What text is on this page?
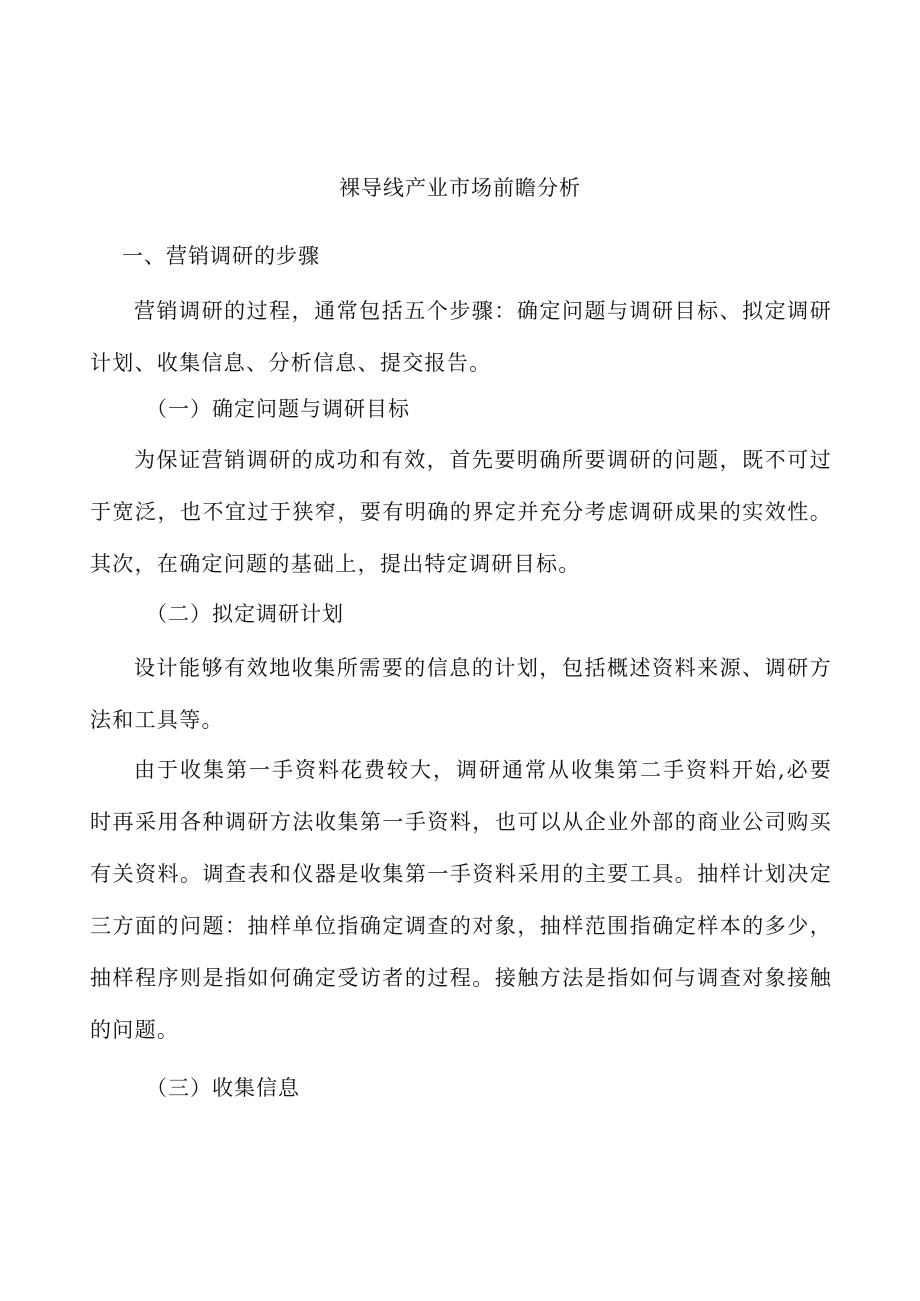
裸导线产业市场前瞻分析
一、营销调研的步骤

营销调研的过程，通常包括五个步骤：确定问题与调研目标、拟定调研计划、收集信息、分析信息、提交报告。

（一）确定问题与调研目标

为保证营销调研的成功和有效，首先要明确所要调研的问题，既不可过于宽泛，也不宜过于狭窄，要有明确的界定并充分考虑调研成果的实效性。其次，在确定问题的基础上，提出特定调研目标。

（二）拟定调研计划

设计能够有效地收集所需要的信息的计划，包括概述资料来源、调研方法和工具等。

由于收集第一手资料花费较大，调研通常从收集第二手资料开始,必要时再采用各种调研方法收集第一手资料，也可以从企业外部的商业公司购买有关资料。调查表和仪器是收集第一手资料采用的主要工具。抽样计划决定三方面的问题：抽样单位指确定调查的对象，抽样范围指确定样本的多少，抽样程序则是指如何确定受访者的过程。接触方法是指如何与调查对象接触的问题。

（三）收集信息
